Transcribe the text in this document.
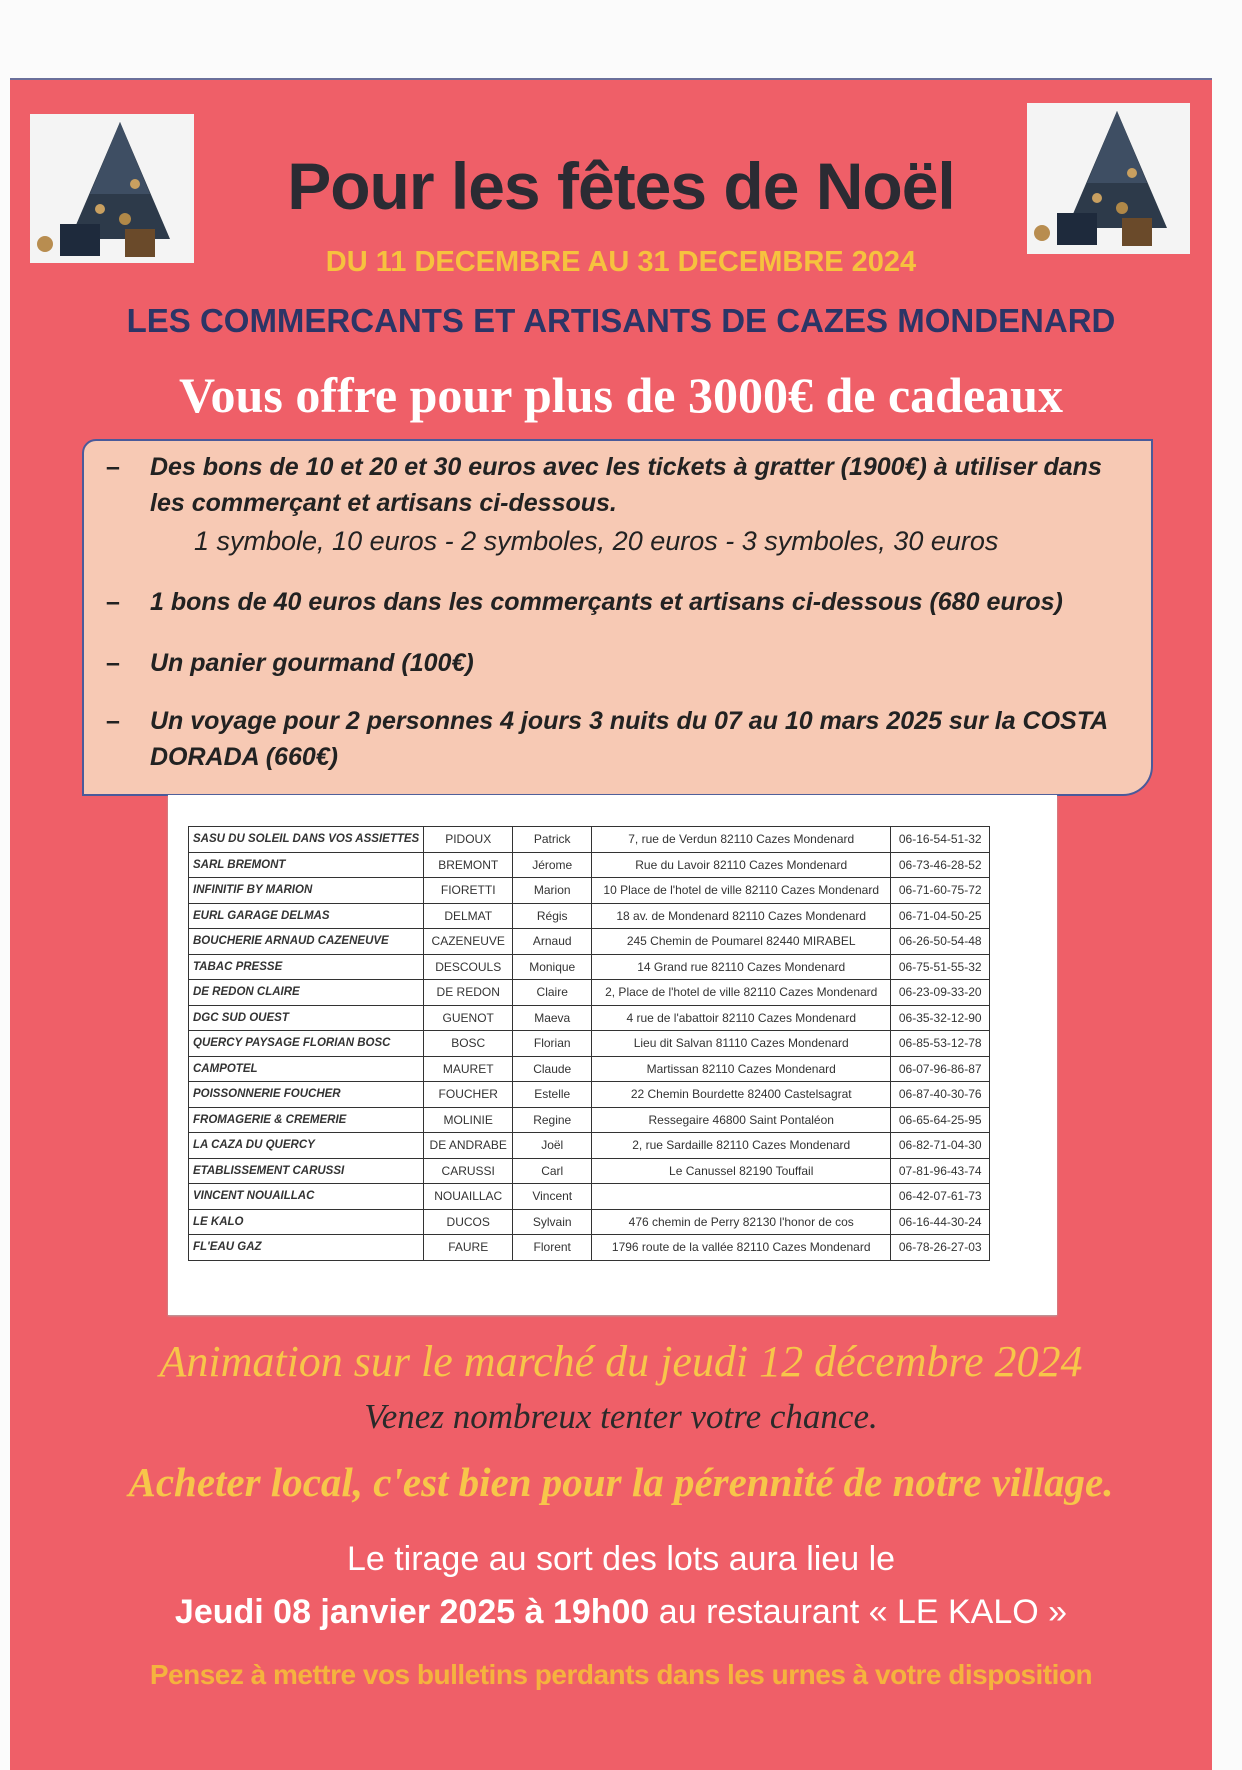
Pour les fêtes de Noël
DU 11 DECEMBRE AU 31 DECEMBRE 2024
LES COMMERCANTS ET ARTISANTS DE CAZES MONDENARD
Vous offre pour plus de 3000€ de cadeaux
– Des bons de 10 et 20 et 30 euros avec les tickets à gratter (1900€) à utiliser dans
les commerçant et artisans ci-dessous.
1 symbole, 10 euros - 2 symboles, 20 euros - 3 symboles, 30 euros
– 1 bons de 40 euros dans les commerçants et artisans ci-dessous (680 euros)
– Un panier gourmand (100€)
– Un voyage pour 2 personnes 4 jours 3 nuits du 07 au 10 mars 2025 sur la COSTA
DORADA (660€)
SASU DU SOLEIL DANS VOS ASSIETTES	PIDOUX	Patrick	7, rue de Verdun 82110 Cazes Mondenard	06-16-54-51-32
SARL BREMONT	BREMONT	Jérome	Rue du Lavoir 82110 Cazes Mondenard	06-73-46-28-52
INFINITIF BY MARION	FIORETTI	Marion	10 Place de l'hotel de ville 82110 Cazes Mondenard	06-71-60-75-72
EURL GARAGE DELMAS	DELMAT	Régis	18 av. de Mondenard 82110 Cazes Mondenard	06-71-04-50-25
BOUCHERIE ARNAUD CAZENEUVE	CAZENEUVE	Arnaud	245 Chemin de Poumarel 82440 MIRABEL	06-26-50-54-48
TABAC PRESSE	DESCOULS	Monique	14 Grand rue 82110 Cazes Mondenard	06-75-51-55-32
DE REDON CLAIRE	DE REDON	Claire	2, Place de l'hotel de ville 82110 Cazes Mondenard	06-23-09-33-20
DGC SUD OUEST	GUENOT	Maeva	4 rue de l'abattoir 82110 Cazes Mondenard	06-35-32-12-90
QUERCY PAYSAGE FLORIAN BOSC	BOSC	Florian	Lieu dit Salvan 81110 Cazes Mondenard	06-85-53-12-78
CAMPOTEL	MAURET	Claude	Martissan 82110 Cazes Mondenard	06-07-96-86-87
POISSONNERIE FOUCHER	FOUCHER	Estelle	22 Chemin Bourdette 82400 Castelsagrat	06-87-40-30-76
FROMAGERIE & CREMERIE	MOLINIE	Regine	Ressegaire 46800 Saint Pontaléon	06-65-64-25-95
LA CAZA DU QUERCY	DE ANDRABE	Joël	2, rue Sardaille 82110 Cazes Mondenard	06-82-71-04-30
ETABLISSEMENT CARUSSI	CARUSSI	Carl	Le Canussel 82190 Touffail	07-81-96-43-74
VINCENT NOUAILLAC	NOUAILLAC	Vincent		06-42-07-61-73
LE KALO	DUCOS	Sylvain	476 chemin de Perry 82130 l'honor de cos	06-16-44-30-24
FL'EAU GAZ	FAURE	Florent	1796 route de la vallée 82110 Cazes Mondenard	06-78-26-27-03
Animation sur le marché du jeudi 12 décembre 2024
Venez nombreux tenter votre chance.
Acheter local, c'est bien pour la pérennité de notre village.
Le tirage au sort des lots aura lieu le
Jeudi 08 janvier 2025 à 19h00 au restaurant « LE KALO »
Pensez à mettre vos bulletins perdants dans les urnes à votre disposition
